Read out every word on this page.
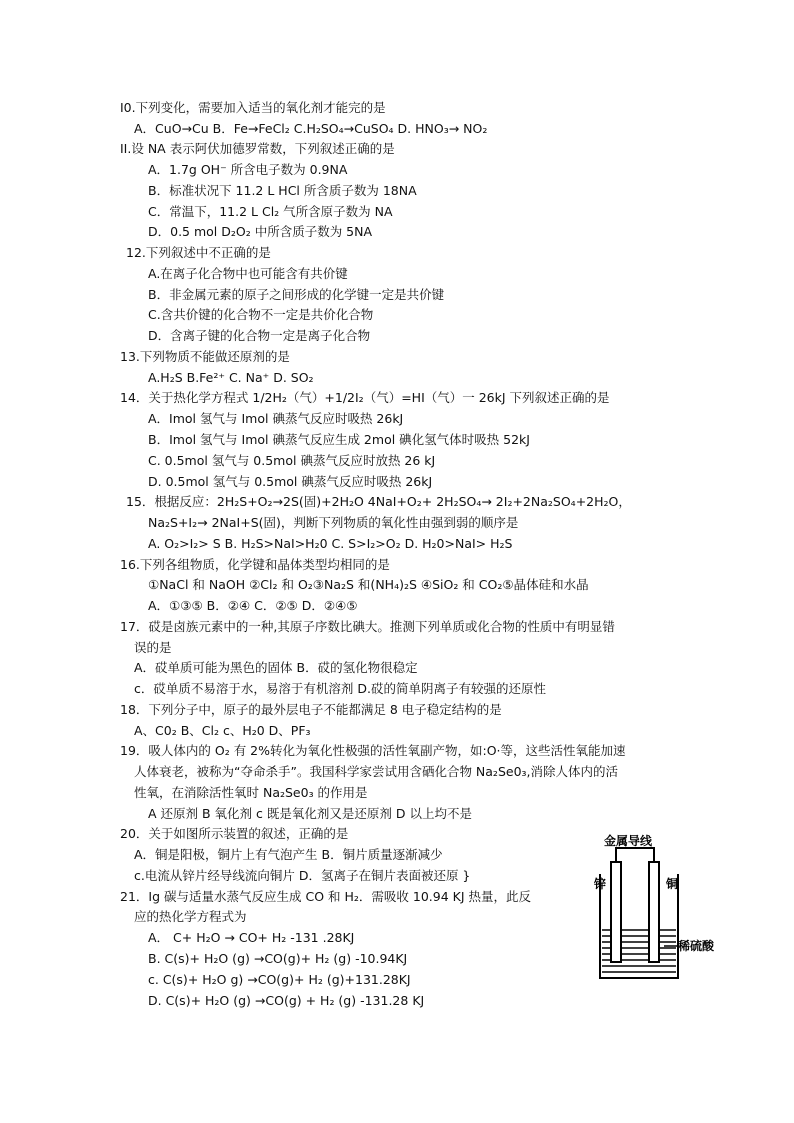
I0.下列变化，需要加入适当的氧化剂才能完的是
A．CuO→Cu B．Fe→FeCl₂ C.H₂SO₄→CuSO₄ D. HNO₃→ NO₂
II.设 NA 表示阿伏加德罗常数，下列叙述正确的是
A．1.7g OH⁻ 所含电子数为 0.9NA
B．标准状况下 11.2 L HCl 所含质子数为 18NA
C．常温下，11.2 L Cl₂ 气所含原子数为 NA
D．0.5 mol D₂O₂ 中所含质子数为 5NA
12.下列叙述中不正确的是
A.在离子化合物中也可能含有共价键
B．非金属元素的原子之间形成的化学键一定是共价键
C.含共价键的化合物不一定是共价化合物
D．含离子键的化合物一定是离子化合物
13.下列物质不能做还原剂的是
A.H₂S B.Fe²⁺ C. Na⁺ D. SO₂
14．关于热化学方程式 1/2H₂（气）+1/2I₂（气）=HI（气）一 26kJ 下列叙述正确的是
A．Imol 氢气与 Imol 碘蒸气反应时吸热 26kJ
B．Imol 氢气与 Imol 碘蒸气反应生成 2mol 碘化氢气体时吸热 52kJ
C. 0.5mol 氢气与 0.5mol 碘蒸气反应时放热 26 kJ
D. 0.5mol 氢气与 0.5mol 碘蒸气反应时吸热 26kJ
15．根据反应：2H₂S+O₂→2S(固)+2H₂O 4NaI+O₂+ 2H₂SO₄→ 2I₂+2Na₂SO₄+2H₂O，
Na₂S+I₂→ 2NaI+S(固)，判断下列物质的氧化性由强到弱的顺序是
A. O₂>I₂> S B. H₂S>NaI>H₂0 C. S>I₂>O₂ D. H₂0>NaI> H₂S
16.下列各组物质，化学键和晶体类型均相同的是
①NaCl 和 NaOH ②Cl₂ 和 O₂③Na₂S 和(NH₄)₂S ④SiO₂ 和 CO₂⑤晶体硅和水晶
A．①③⑤ B．②④ C．②⑤ D．②④⑤
17．砹是卤族元素中的一种,其原子序数比碘大。推测下列单质或化合物的性质中有明显错
误的是
A．砹单质可能为黑色的固体 B．砹的氢化物很稳定
c．砹单质不易溶于水，易溶于有机溶剂 D.砹的简单阴离子有较强的还原性
18．下列分子中，原子的最外层电子不能都满足 8 电子稳定结构的是
A、C0₂ B、Cl₂ c、H₂0 D、PF₃
19．吸人体内的 O₂ 有 2%转化为氧化性极强的活性氧副产物，如:O·等，这些活性氧能加速
人体衰老，被称为“夺命杀手”。我国科学家尝试用含硒化合物 Na₂Se0₃,消除人体内的活
性氧，在消除活性氧时 Na₂Se0₃ 的作用是
A 还原剂 B 氧化剂 c 既是氧化剂又是还原剂 D 以上均不是
20．关于如图所示装置的叙述，正确的是
A．铜是阳极，铜片上有气泡产生 B．铜片质量逐渐减少
c.电流从锌片经导线流向铜片 D．氢离子在铜片表面被还原 }
21．Ig 碳与适量水蒸气反应生成 CO 和 H₂．需吸收 10.94 KJ 热量，此反
应的热化学方程式为
A． C+ H₂O → CO+ H₂ -131 .28KJ
B. C(s)+ H₂O (g) →CO(g)+ H₂ (g) -10.94KJ
c. C(s)+ H₂O g) →CO(g)+ H₂ (g)+131.28KJ
D. C(s)+ H₂O (g) →CO(g) + H₂ (g) -131.28 KJ
金属导线
锌	铜
稀硫酸
